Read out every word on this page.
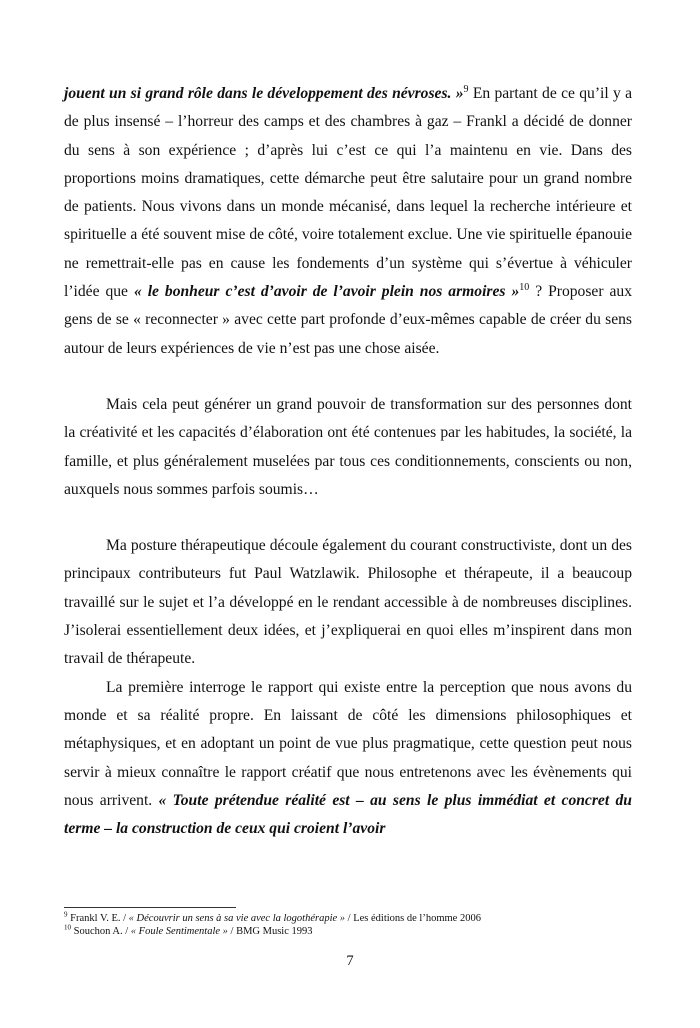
jouent un si grand rôle dans le développement des névroses. »$^9$ En partant de ce qu’il y a de plus insensé – l’horreur des camps et des chambres à gaz – Frankl a décidé de donner du sens à son expérience ; d’après lui c’est ce qui l’a maintenu en vie. Dans des proportions moins dramatiques, cette démarche peut être salutaire pour un grand nombre de patients. Nous vivons dans un monde mécanisé, dans lequel la recherche intérieure et spirituelle a été souvent mise de côté, voire totalement exclue. Une vie spirituelle épanouie ne remettrait-elle pas en cause les fondements d’un système qui s’évertue à véhiculer l’idée que « le bonheur c’est d’avoir de l’avoir plein nos armoires »$^{10}$ ? Proposer aux gens de se « reconnecter » avec cette part profonde d’eux-mêmes capable de créer du sens autour de leurs expériences de vie n’est pas une chose aisée.

Mais cela peut générer un grand pouvoir de transformation sur des personnes dont la créativité et les capacités d’élaboration ont été contenues par les habitudes, la société, la famille, et plus généralement muselées par tous ces conditionnements, conscients ou non, auxquels nous sommes parfois soumis…

Ma posture thérapeutique découle également du courant constructiviste, dont un des principaux contributeurs fut Paul Watzlawik. Philosophe et thérapeute, il a beaucoup travaillé sur le sujet et l’a développé en le rendant accessible à de nombreuses disciplines. J’isolerai essentiellement deux idées, et j’expliquerai en quoi elles m’inspirent dans mon travail de thérapeute.

La première interroge le rapport qui existe entre la perception que nous avons du monde et sa réalité propre. En laissant de côté les dimensions philosophiques et métaphysiques, et en adoptant un point de vue plus pragmatique, cette question peut nous servir à mieux connaître le rapport créatif que nous entretenons avec les évènements qui nous arrivent. « Toute prétendue réalité est – au sens le plus immédiat et concret du terme – la construction de ceux qui croient l’avoir

$^9$ Frankl V. E. / « Découvrir un sens à sa vie avec la logothérapie » / Les éditions de l’homme 2006
$^{10}$ Souchon A. / « Foule Sentimentale » / BMG Music 1993
7
